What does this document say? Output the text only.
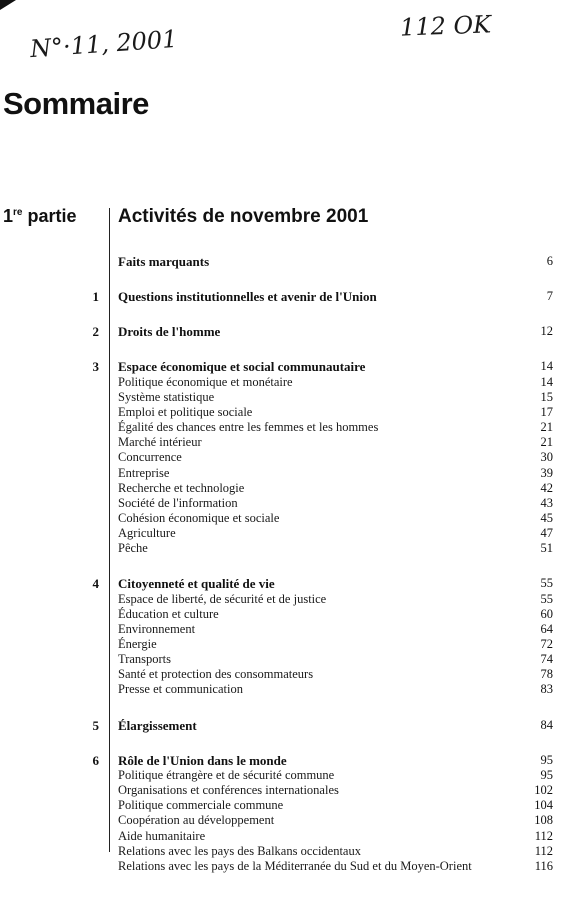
N°·11, 2001	112 OK
Sommaire
1re partie Activités de novembre 2001
Faits marquants	6
1 Questions institutionnelles et avenir de l'Union	7
2 Droits de l'homme	12
3 Espace économique et social communautaire	14
Politique économique et monétaire	14
Système statistique	15
Emploi et politique sociale	17
Égalité des chances entre les femmes et les hommes	21
Marché intérieur	21
Concurrence	30
Entreprise	39
Recherche et technologie	42
Société de l'information	43
Cohésion économique et sociale	45
Agriculture	47
Pêche	51
4 Citoyenneté et qualité de vie	55
Espace de liberté, de sécurité et de justice	55
Éducation et culture	60
Environnement	64
Énergie	72
Transports	74
Santé et protection des consommateurs	78
Presse et communication	83
5 Élargissement	84
6 Rôle de l'Union dans le monde	95
Politique étrangère et de sécurité commune	95
Organisations et conférences internationales	102
Politique commerciale commune	104
Coopération au développement	108
Aide humanitaire	112
Relations avec les pays des Balkans occidentaux	112
Relations avec les pays de la Méditerranée du Sud et du Moyen-Orient	116
